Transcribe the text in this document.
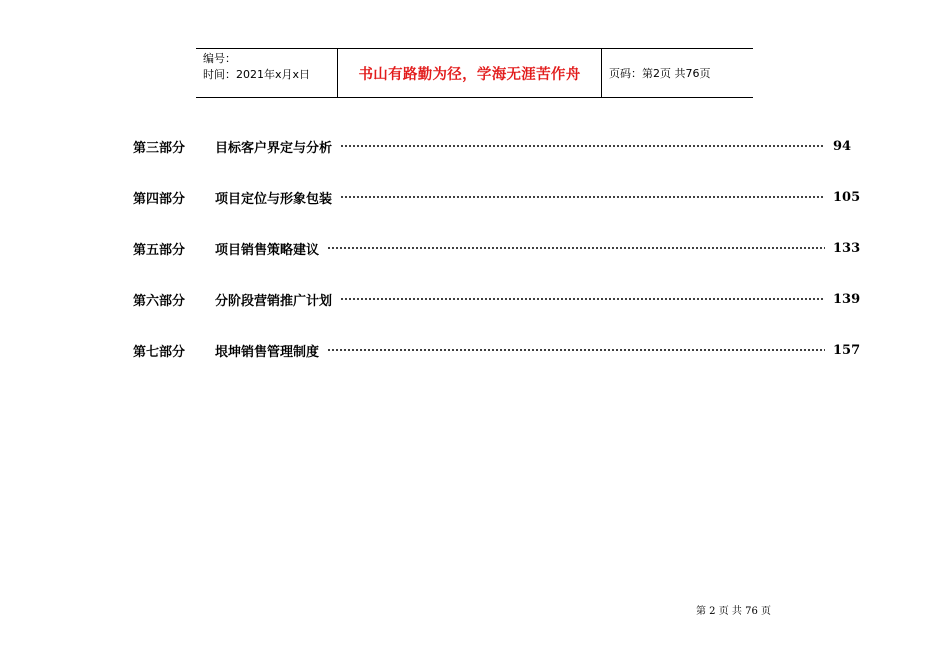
编号：
时间：2021年x月x日	书山有路勤为径，学海无涯苦作舟	页码：第2页 共76页
第三部分	目标客户界定与分析	94
第四部分	项目定位与形象包装	105
第五部分	项目销售策略建议	133
第六部分	分阶段营销推广计划	139
第七部分	垠坤销售管理制度	157
第 2 页 共 76 页
